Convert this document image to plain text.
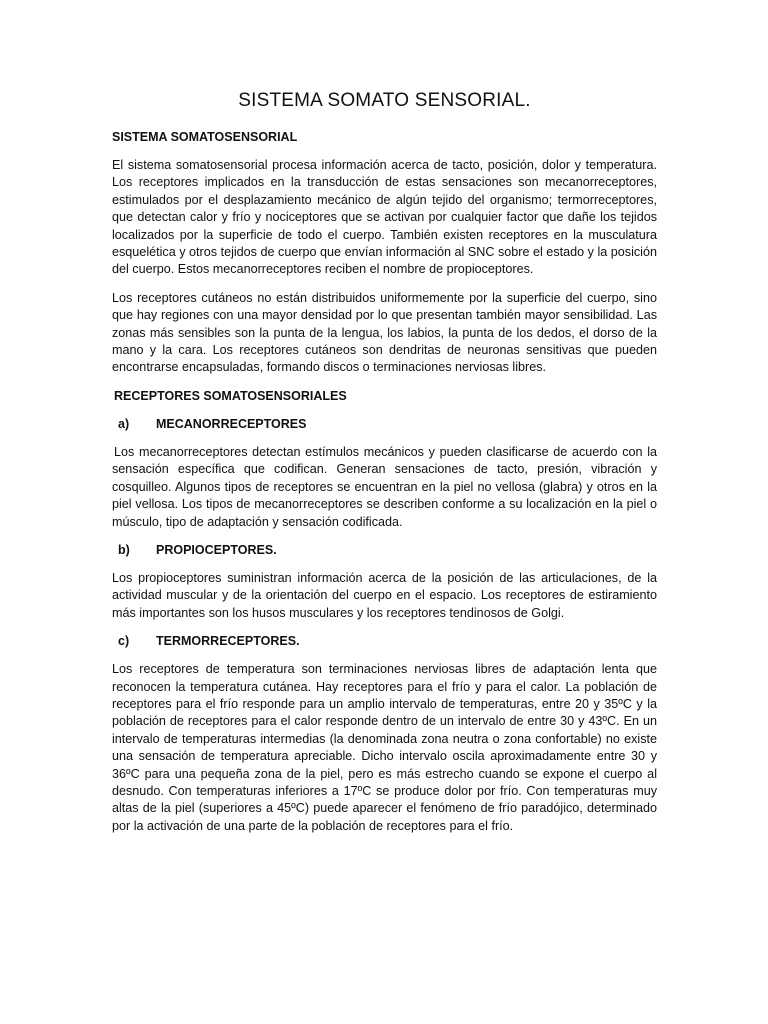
SISTEMA SOMATO SENSORIAL.
SISTEMA SOMATOSENSORIAL

El sistema somatosensorial procesa información acerca de tacto, posición, dolor y temperatura. Los receptores implicados en la transducción de estas sensaciones son mecanorreceptores, estimulados por el desplazamiento mecánico de algún tejido del organismo; termorreceptores, que detectan calor y frío y nociceptores que se activan por cualquier factor que dañe los tejidos localizados por la superficie de todo el cuerpo. También existen receptores en la musculatura esquelética y otros tejidos de cuerpo que envían información al SNC sobre el estado y la posición del cuerpo. Estos mecanorreceptores reciben el nombre de propioceptores.

Los receptores cutáneos no están distribuidos uniformemente por la superficie del cuerpo, sino que hay regiones con una mayor densidad por lo que presentan también mayor sensibilidad. Las zonas más sensibles son la punta de la lengua, los labios, la punta de los dedos, el dorso de la mano y la cara. Los receptores cutáneos son dendritas de neuronas sensitivas que pueden encontrarse encapsuladas, formando discos o terminaciones nerviosas libres.

RECEPTORES SOMATOSENSORIALES
a)	MECANORRECEPTORES

Los mecanorreceptores detectan estímulos mecánicos y pueden clasificarse de acuerdo con la sensación específica que codifican. Generan sensaciones de tacto, presión, vibración y cosquilleo. Algunos tipos de receptores se encuentran en la piel no vellosa (glabra) y otros en la piel vellosa. Los tipos de mecanorreceptores se describen conforme a su localización en la piel o músculo, tipo de adaptación y sensación codificada.

b)	PROPIOCEPTORES.

Los propioceptores suministran información acerca de la posición de las articulaciones, de la actividad muscular y de la orientación del cuerpo en el espacio. Los receptores de estiramiento más importantes son los husos musculares y los receptores tendinosos de Golgi.

c)	TERMORRECEPTORES.

Los receptores de temperatura son terminaciones nerviosas libres de adaptación lenta que reconocen la temperatura cutánea. Hay receptores para el frío y para el calor. La población de receptores para el frío responde para un amplio intervalo de temperaturas, entre 20 y 35ºC y la población de receptores para el calor responde dentro de un intervalo de entre 30 y 43ºC. En un intervalo de temperaturas intermedias (la denominada zona neutra o zona confortable) no existe una sensación de temperatura apreciable. Dicho intervalo oscila aproximadamente entre 30 y 36ºC para una pequeña zona de la piel, pero es más estrecho cuando se expone el cuerpo al desnudo. Con temperaturas inferiores a 17ºC se produce dolor por frío. Con temperaturas muy altas de la piel (superiores a 45ºC) puede aparecer el fenómeno de frío paradójico, determinado por la activación de una parte de la población de receptores para el frío.
